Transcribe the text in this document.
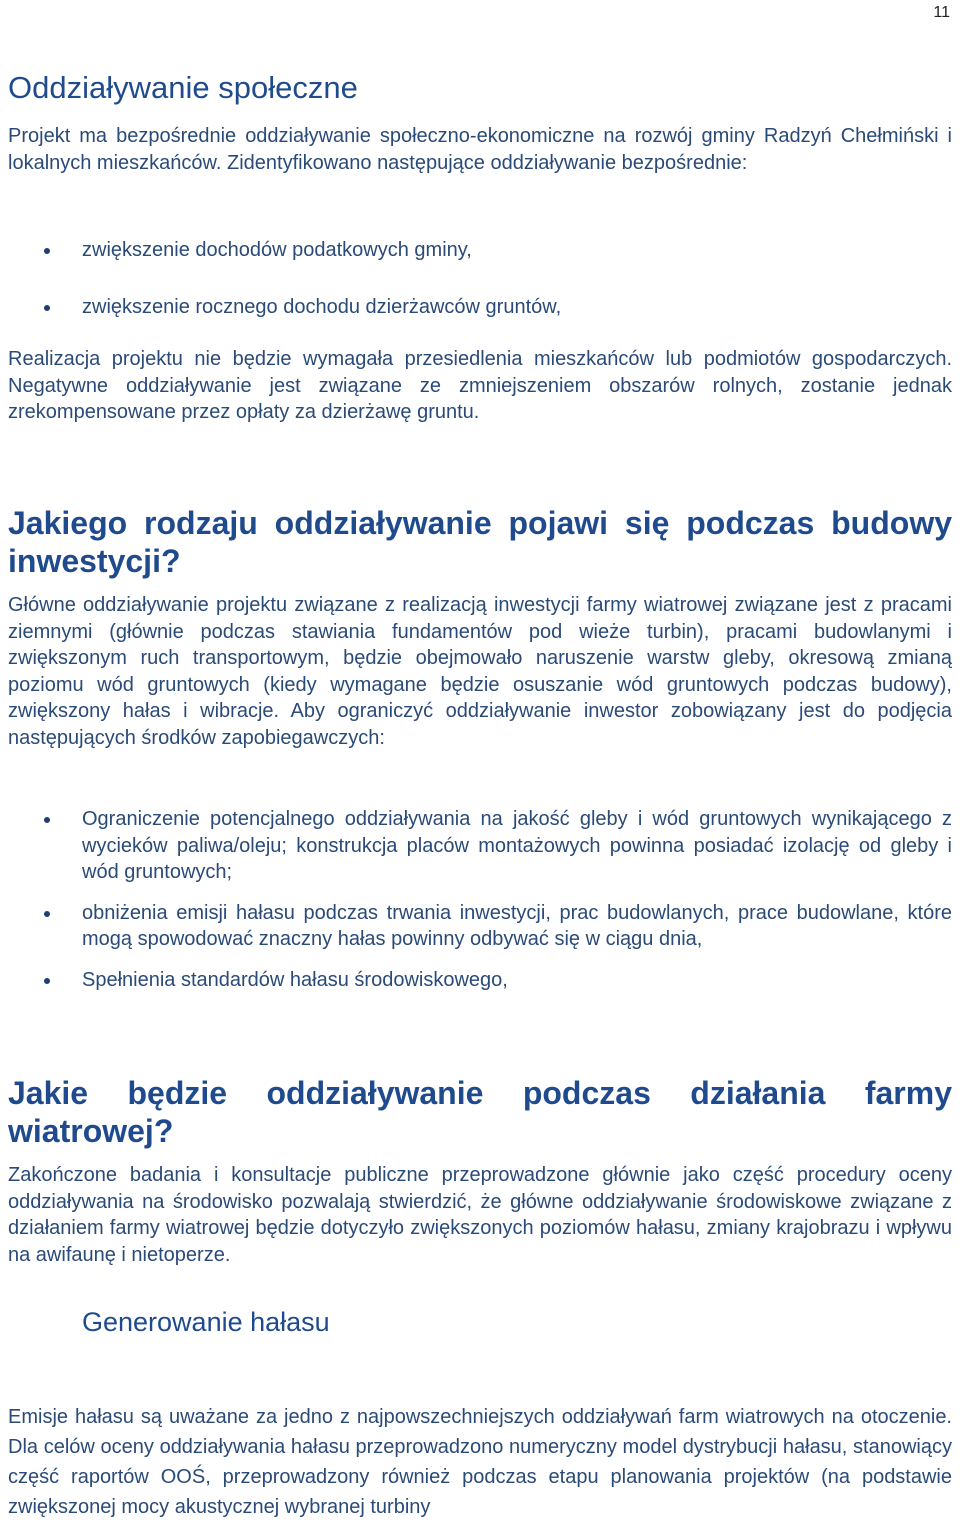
11
Oddziaływanie społeczne

Projekt ma bezpośrednie oddziaływanie społeczno-ekonomiczne na rozwój gminy Radzyń Chełmiński i lokalnych mieszkańców. Zidentyfikowano następujące oddziaływanie bezpośrednie:

zwiększenie dochodów podatkowych gminy,
zwiększenie rocznego dochodu dzierżawców gruntów,

Realizacja projektu nie będzie wymagała przesiedlenia mieszkańców lub podmiotów gospodarczych. Negatywne oddziaływanie jest związane ze zmniejszeniem obszarów rolnych, zostanie jednak zrekompensowane przez opłaty za dzierżawę gruntu.

Jakiego rodzaju oddziaływanie pojawi się podczas budowy inwestycji?

Główne oddziaływanie projektu związane z realizacją inwestycji farmy wiatrowej związane jest z pracami ziemnymi (głównie podczas stawiania fundamentów pod wieże turbin), pracami budowlanymi i zwiększonym ruch transportowym, będzie obejmowało naruszenie warstw gleby, okresową zmianą poziomu wód gruntowych (kiedy wymagane będzie osuszanie wód gruntowych podczas budowy), zwiększony hałas i wibracje. Aby ograniczyć oddziaływanie inwestor zobowiązany jest do podjęcia następujących środków zapobiegawczych:

Ograniczenie potencjalnego oddziaływania na jakość gleby i wód gruntowych wynikającego z wycieków paliwa/oleju; konstrukcja placów montażowych powinna posiadać izolację od gleby i wód gruntowych;
obniżenia emisji hałasu podczas trwania inwestycji, prac budowlanych, prace budowlane, które mogą spowodować znaczny hałas powinny odbywać się w ciągu dnia,
Spełnienia standardów hałasu środowiskowego,
Jakie będzie oddziaływanie podczas działania farmy wiatrowej?

Zakończone badania i konsultacje publiczne przeprowadzone głównie jako część procedury oceny oddziaływania na środowisko pozwalają stwierdzić, że główne oddziaływanie środowiskowe związane z działaniem farmy wiatrowej będzie dotyczyło zwiększonych poziomów hałasu, zmiany krajobrazu i wpływu na awifaunę i nietoperze.

Generowanie hałasu

Emisje hałasu są uważane za jedno z najpowszechniejszych oddziaływań farm wiatrowych na otoczenie. Dla celów oceny oddziaływania hałasu przeprowadzono numeryczny model dystrybucji hałasu, stanowiący część raportów OOŚ, przeprowadzony również podczas etapu planowania projektów (na podstawie zwiększonej mocy akustycznej wybranej turbiny
